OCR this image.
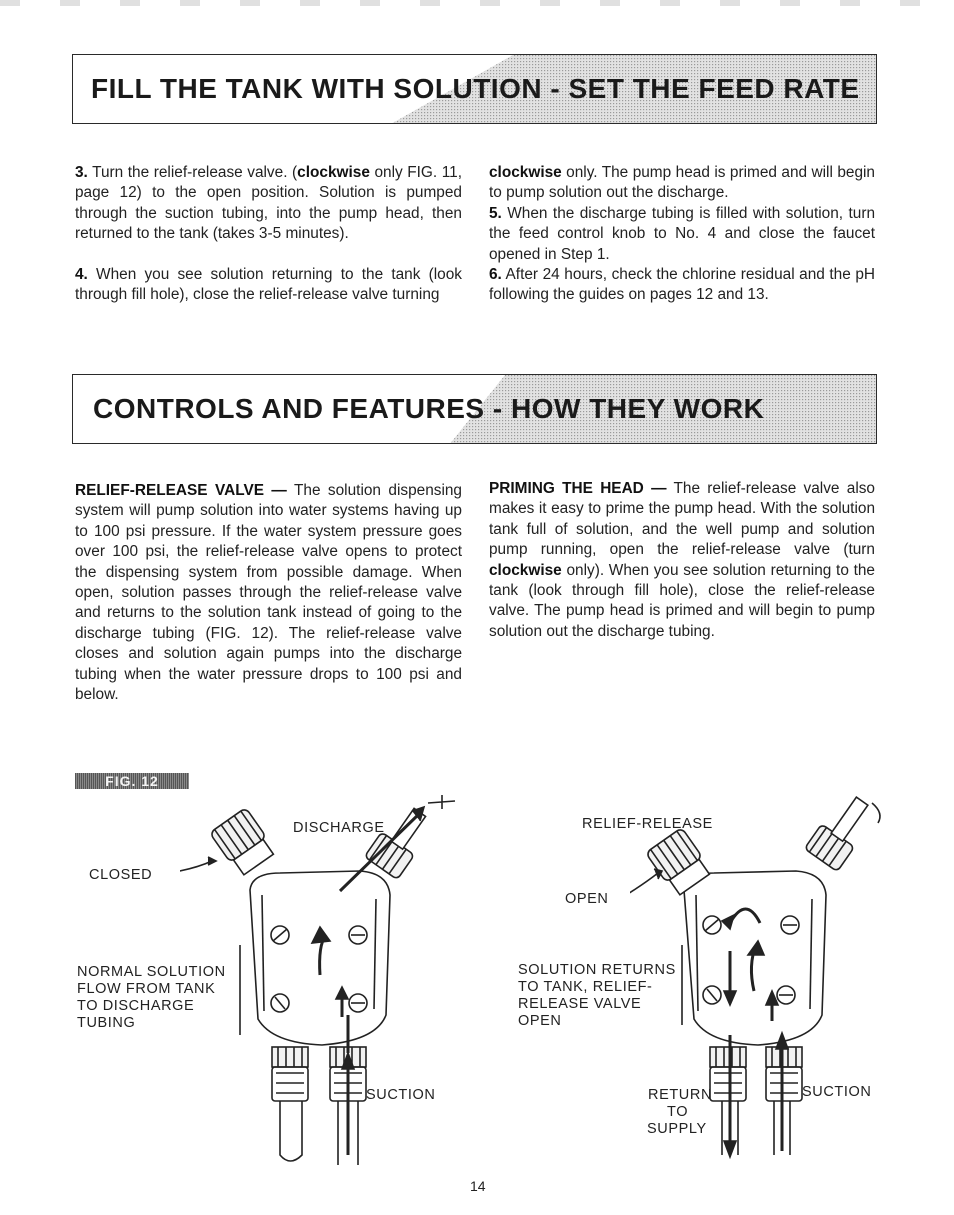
FILL THE TANK WITH SOLUTION - SET THE FEED RATE

3. Turn the relief-release valve. (clockwise only FIG. 11, page 12) to the open position. Solution is pumped through the suction tubing, into the pump head, then returned to the tank (takes 3-5 minutes).

4. When you see solution returning to the tank (look through fill hole), close the relief-release valve turning

clockwise only. The pump head is primed and will begin to pump solution out the discharge.

5. When the discharge tubing is filled with solution, turn the feed control knob to No. 4 and close the faucet opened in Step 1.

6. After 24 hours, check the chlorine residual and the pH following the guides on pages 12 and 13.

CONTROLS AND FEATURES - HOW THEY WORK

RELIEF-RELEASE VALVE — The solution dispensing system will pump solution into water systems having up to 100 psi pressure. If the water system pressure goes over 100 psi, the relief-release valve opens to protect the dispensing system from possible damage. When open, solution passes through the relief-release valve and returns to the solution tank instead of going to the discharge tubing (FIG. 12). The relief-release valve closes and solution again pumps into the discharge tubing when the water pressure drops to 100 psi and below.

PRIMING THE HEAD — The relief-release valve also makes it easy to prime the pump head. With the solution tank full of solution, and the well pump and solution pump running, open the relief-release valve (turn clockwise only). When you see solution returning to the tank (look through fill hole), close the relief-release valve. The pump head is primed and will begin to pump solution out the discharge tubing.

FIG. 12
DISCHARGE
CLOSED
NORMAL SOLUTION
FLOW FROM TANK
TO DISCHARGE
TUBING
SUCTION
RELIEF-RELEASE
OPEN
SOLUTION RETURNS
TO TANK, RELIEF-
RELEASE VALVE
OPEN
RETURN
TO
SUPPLY
SUCTION
14
